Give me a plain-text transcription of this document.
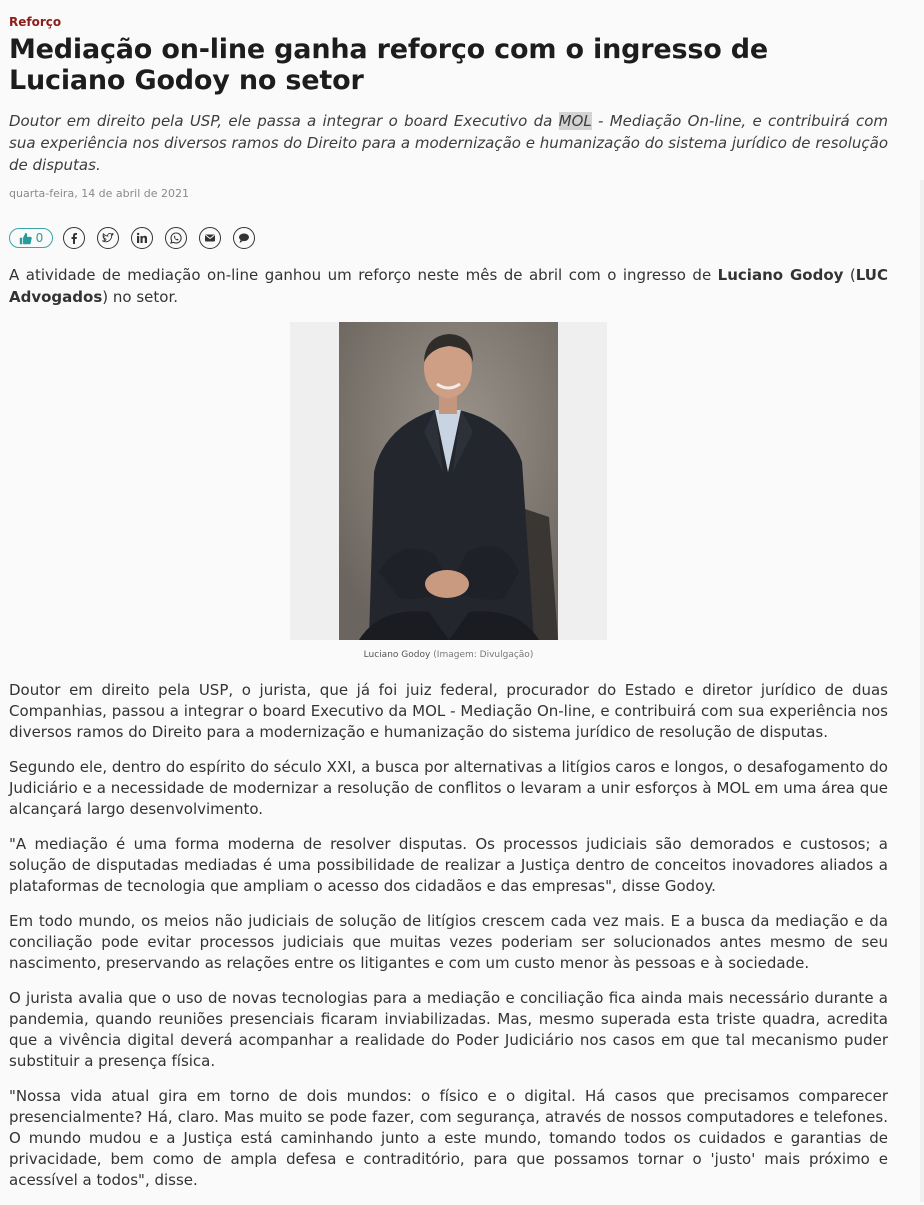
Reforço
Mediação on-line ganha reforço com o ingresso de Luciano Godoy no setor

Doutor em direito pela USP, ele passa a integrar o board Executivo da MOL - Mediação On-line, e contribuirá com sua experiência nos diversos ramos do Direito para a modernização e humanização do sistema jurídico de resolução de disputas.

quarta-feira, 14 de abril de 2021
0

A atividade de mediação on-line ganhou um reforço neste mês de abril com o ingresso de Luciano Godoy (LUC Advogados) no setor.

Luciano Godoy (Imagem: Divulgação)

Doutor em direito pela USP, o jurista, que já foi juiz federal, procurador do Estado e diretor jurídico de duas Companhias, passou a integrar o board Executivo da MOL - Mediação On-line, e contribuirá com sua experiência nos diversos ramos do Direito para a modernização e humanização do sistema jurídico de resolução de disputas.

Segundo ele, dentro do espírito do século XXI, a busca por alternativas a litígios caros e longos, o desafogamento do Judiciário e a necessidade de modernizar a resolução de conflitos o levaram a unir esforços à MOL em uma área que alcançará largo desenvolvimento.

"A mediação é uma forma moderna de resolver disputas. Os processos judiciais são demorados e custosos; a solução de disputadas mediadas é uma possibilidade de realizar a Justiça dentro de conceitos inovadores aliados a plataformas de tecnologia que ampliam o acesso dos cidadãos e das empresas", disse Godoy.

Em todo mundo, os meios não judiciais de solução de litígios crescem cada vez mais. E a busca da mediação e da conciliação pode evitar processos judiciais que muitas vezes poderiam ser solucionados antes mesmo de seu nascimento, preservando as relações entre os litigantes e com um custo menor às pessoas e à sociedade.

O jurista avalia que o uso de novas tecnologias para a mediação e conciliação fica ainda mais necessário durante a pandemia, quando reuniões presenciais ficaram inviabilizadas. Mas, mesmo superada esta triste quadra, acredita que a vivência digital deverá acompanhar a realidade do Poder Judiciário nos casos em que tal mecanismo puder substituir a presença física.

"Nossa vida atual gira em torno de dois mundos: o físico e o digital. Há casos que precisamos comparecer presencialmente? Há, claro. Mas muito se pode fazer, com segurança, através de nossos computadores e telefones. O mundo mudou e a Justiça está caminhando junto a este mundo, tomando todos os cuidados e garantias de privacidade, bem como de ampla defesa e contraditório, para que possamos tornar o 'justo' mais próximo e acessível a todos", disse.
